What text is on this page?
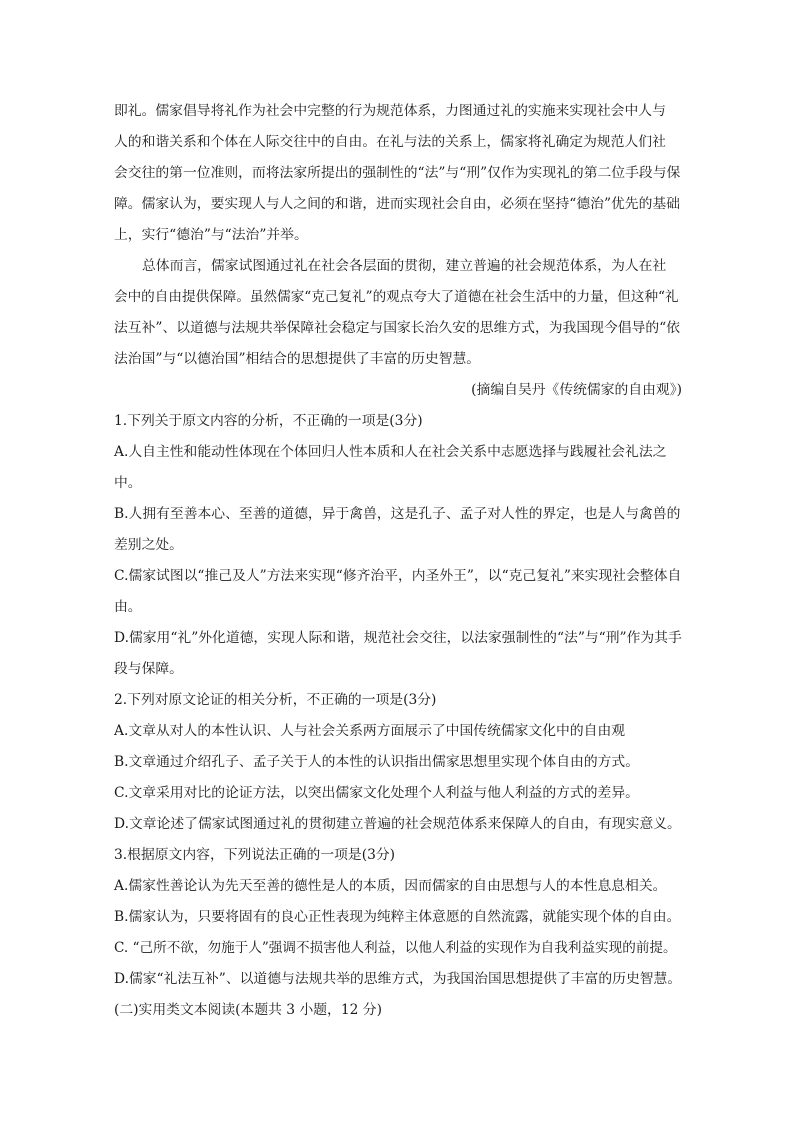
即礼。儒家倡导将礼作为社会中完整的行为规范体系，力图通过礼的实施来实现社会中人与
人的和谐关系和个体在人际交往中的自由。在礼与法的关系上，儒家将礼确定为规范人们社
会交往的第一位准则，而将法家所提出的强制性的“法”与“刑”仅作为实现礼的第二位手段与保
障。儒家认为，要实现人与人之间的和谐，进而实现社会自由，必须在坚持“德治”优先的基础
上，实行“德治”与“法治”并举。
总体而言，儒家试图通过礼在社会各层面的贯彻，建立普遍的社会规范体系，为人在社
会中的自由提供保障。虽然儒家“克己复礼”的观点夸大了道德在社会生活中的力量，但这种“礼
法互补”、以道德与法规共举保障社会稳定与国家长治久安的思维方式，为我国现今倡导的“依
法治国”与“以德治国”相结合的思想提供了丰富的历史智慧。
(摘编自吴丹《传统儒家的自由观》)
1.下列关于原文内容的分析，不正确的一项是(3分)
A.人自主性和能动性体现在个体回归人性本质和人在社会关系中志愿选择与践履社会礼法之
中。
B.人拥有至善本心、至善的道德，异于禽兽，这是孔子、孟子对人性的界定，也是人与禽兽的
差别之处。
C.儒家试图以“推己及人”方法来实现“修齐治平，内圣外王”，以“克己复礼”来实现社会整体自
由。
D.儒家用“礼”外化道德，实现人际和谐，规范社会交往，以法家强制性的“法”与“刑”作为其手
段与保障。
2.下列对原文论证的相关分析，不正确的一项是(3分)
A.文章从对人的本性认识、人与社会关系两方面展示了中国传统儒家文化中的自由观
B.文章通过介绍孔子、孟子关于人的本性的认识指出儒家思想里实现个体自由的方式。
C.文章采用对比的论证方法，以突出儒家文化处理个人利益与他人利益的方式的差异。
D.文章论述了儒家试图通过礼的贯彻建立普遍的社会规范体系来保障人的自由，有现实意义。
3.根据原文内容，下列说法正确的一项是(3分)
A.儒家性善论认为先天至善的德性是人的本质，因而儒家的自由思想与人的本性息息相关。
B.儒家认为，只要将固有的良心正性表现为纯粹主体意愿的自然流露，就能实现个体的自由。
C. “己所不欲，勿施于人”强调不损害他人利益，以他人利益的实现作为自我利益实现的前提。
D.儒家“礼法互补”、以道德与法规共举的思维方式，为我国治国思想提供了丰富的历史智慧。
(二)实用类文本阅读(本题共 3 小题，12 分)
